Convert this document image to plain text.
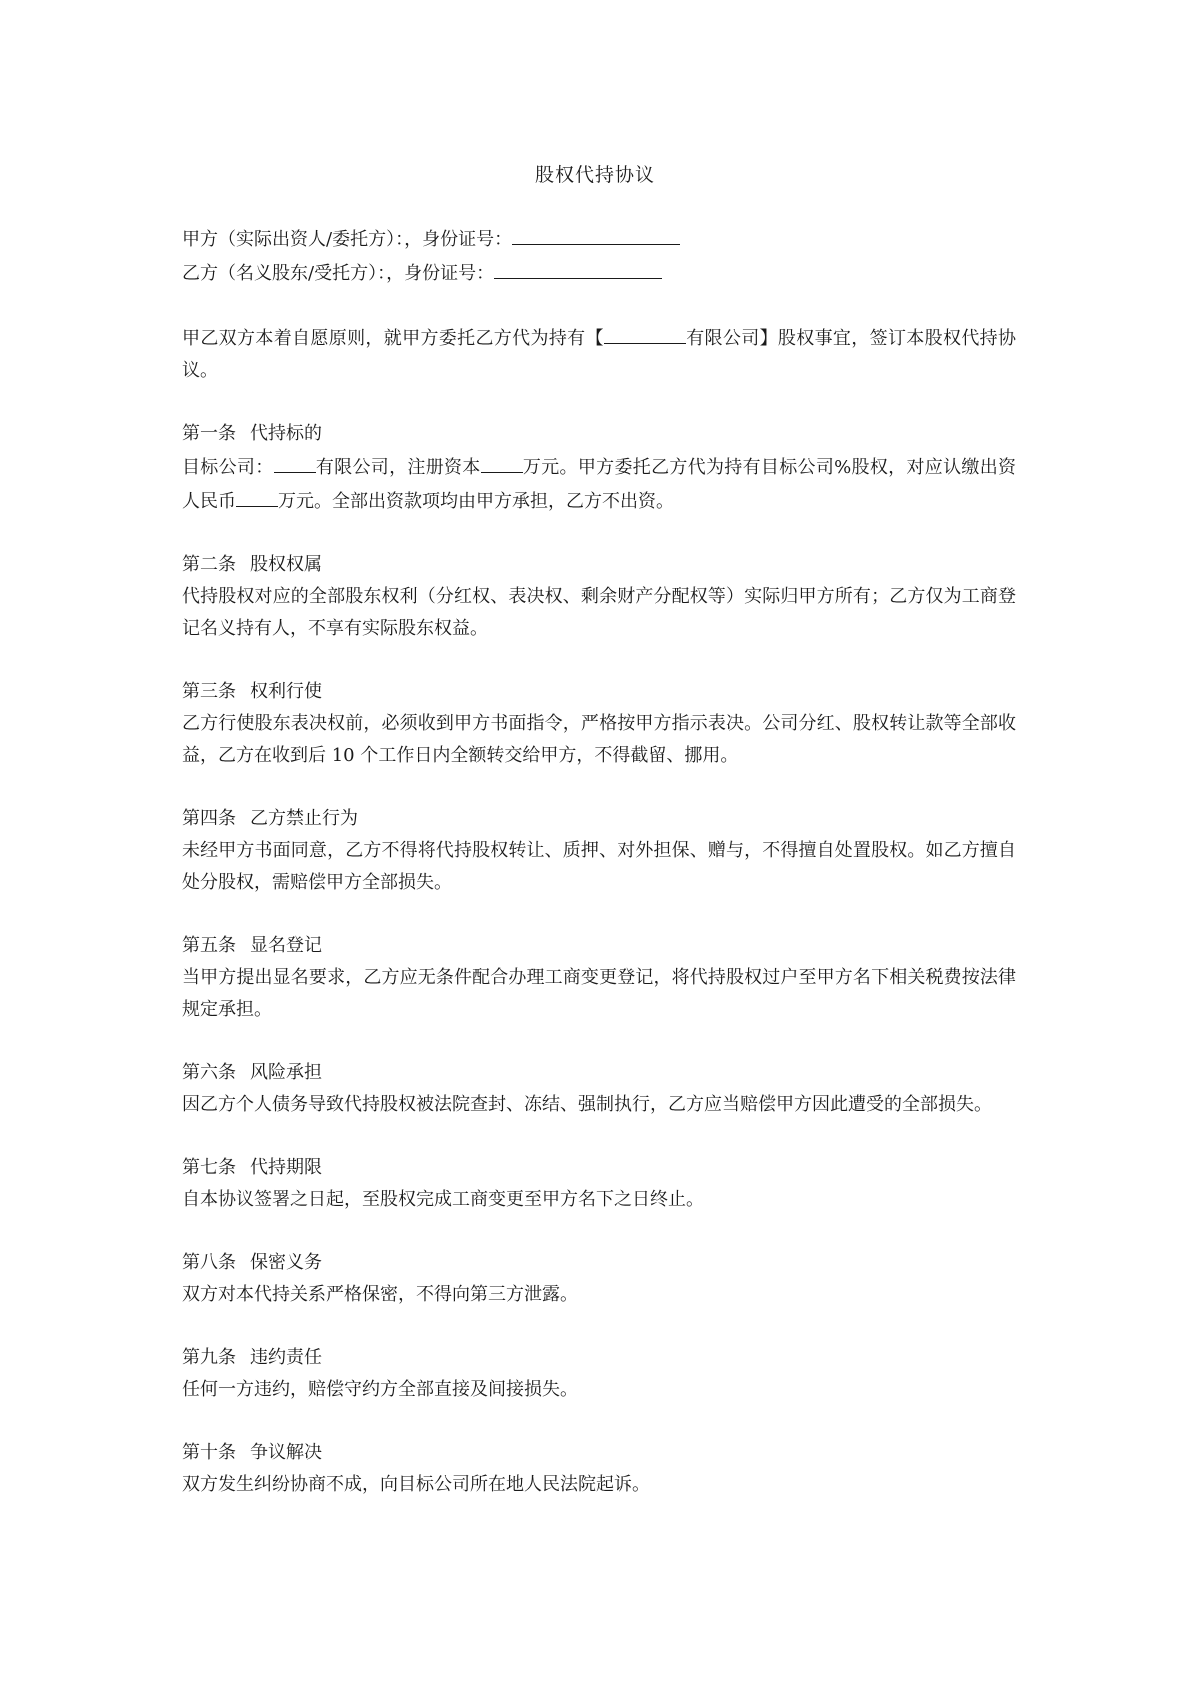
股权代持协议

甲方（实际出资人/委托方）：，身份证号：

乙方（名义股东/受托方）：，身份证号：

甲乙双方本着自愿原则，就甲方委托乙方代为持有【	有限公司】股权事宜，签订本股权代持协议。

第一条 代持标的

目标公司： 有限公司，注册资本 万元。甲方委托乙方代为持有目标公司%股权，对应认缴出资人民币 万元。全部出资款项均由甲方承担，乙方不出资。

第二条 股权权属

代持股权对应的全部股东权利（分红权、表决权、剩余财产分配权等）实际归甲方所有；乙方仅为工商登记名义持有人，不享有实际股东权益。

第三条 权利行使

乙方行使股东表决权前，必须收到甲方书面指令，严格按甲方指示表决。公司分红、股权转让款等全部收益，乙方在收到后 10 个工作日内全额转交给甲方，不得截留、挪用。

第四条 乙方禁止行为

未经甲方书面同意，乙方不得将代持股权转让、质押、对外担保、赠与，不得擅自处置股权。如乙方擅自处分股权，需赔偿甲方全部损失。

第五条 显名登记

当甲方提出显名要求，乙方应无条件配合办理工商变更登记，将代持股权过户至甲方名下相关税费按法律规定承担。

第六条 风险承担

因乙方个人债务导致代持股权被法院查封、冻结、强制执行，乙方应当赔偿甲方因此遭受的全部损失。

第七条 代持期限

自本协议签署之日起，至股权完成工商变更至甲方名下之日终止。

第八条 保密义务

双方对本代持关系严格保密，不得向第三方泄露。

第九条 违约责任

任何一方违约，赔偿守约方全部直接及间接损失。

第十条 争议解决

双方发生纠纷协商不成，向目标公司所在地人民法院起诉。
